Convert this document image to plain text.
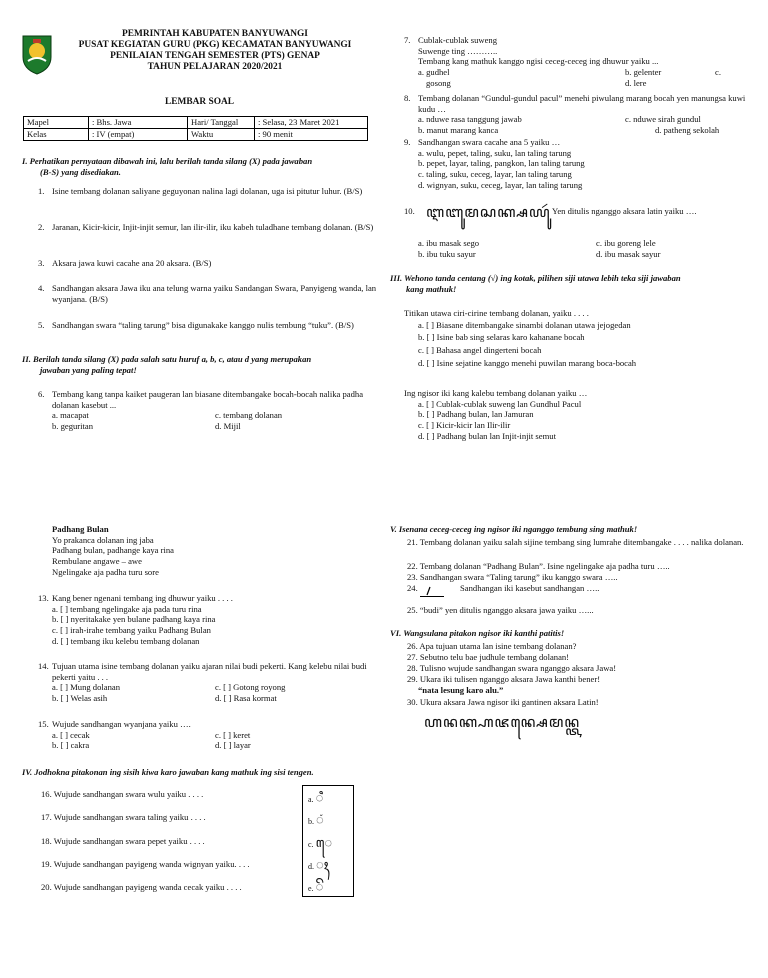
PEMRINTAH KABUPATEN BANYUWANGI
PUSAT KEGIATAN GURU (PKG) KECAMATAN BANYUWANGI
PENILAIAN TENGAH SEMESTER (PTS) GENAP
TAHUN PELAJARAN 2020/2021
LEMBAR SOAL
Mapel	: Bhs. Jawa	Hari/ Tanggal	: Selasa, 23 Maret 2021
Kelas	: IV (empat)	Waktu	: 90 menit
I. Perhatikan pernyataan dibawah ini, lalu berilah tanda silang (X) pada jawaban
(B-S) yang disediakan.
1. Isine tembang dolanan saliyane geguyonan nalina lagi dolanan, uga isi pitutur luhur. (B/S)
2. Jaranan, Kicir-kicir, Injit-injit semur, lan ilir-ilir, iku kabeh tuladhane tembang dolanan. (B/S)
3. Aksara jawa kuwi cacahe ana 20 aksara. (B/S)
4. Sandhangan aksara Jawa iku ana telung warna yaiku Sandangan Swara, Panyigeng wanda, lan wyanjana. (B/S)
5. Sandhangan swara “taling tarung” bisa digunakake kanggo nulis tembung “tuku”. (B/S)
II. Berilah tanda silang (X) pada salah satu huruf a, b, c, atau d yang merupakan
jawaban yang paling tepat!
6. Tembang kang tanpa kaiket paugeran lan biasane ditembangake bocah-bocah nalika padha dolanan kasebut ...
a. macapat	c. tembang dolanan
b. geguritan	d. Mijil
7. Cublak-cublak suweng
Suwenge ting ………..
Tembang kang mathuk kanggo ngisi ceceg-ceceg ing dhuwur yaiku ...
a. gudhel	b. gelenter	c.
gosong	d. lere
8. Tembang dolanan “Gundul-gundul pacul” menehi piwulang marang bocah yen manungsa kuwi kudu …
a. nduwe rasa tanggung jawab	c. nduwe sirah gundul
b. manut marang kanca	d. patheng sekolah
9. Sandhangan swara cacahe ana 5 yaiku …
a. wulu, pepet, taling, suku, lan taling tarung
b. pepet, layar, taling, pangkon, lan taling tarung
c. taling, suku, ceceg, layar, lan taling tarung
d. wignyan, suku, ceceg, layar, lan taling tarung
10. ꦆꦧꦸꦩꦱꦏ꧀ꦱꦪꦸꦂ Yen ditulis nganggo aksara latin yaiku ….
a. ibu masak sego	c. ibu goreng lele
b. ibu tuku sayur	d. ibu masak sayur
III. Wehono tanda centang (√) ing kotak, pilihen siji utawa lebih teka siji jawaban
kang mathuk!
Titikan utawa ciri-cirine tembang dolanan, yaiku . . . .
a. [ ] Biasane ditembangake sinambi dolanan utawa jejogedan
b. [ ] Isine bab sing selaras karo kahanane bocah
c. [ ] Bahasa angel dingerteni bocah
d. [ ] Isine sejatine kanggo menehi puwilan marang boca-bocah
Ing ngisor iki kang kalebu tembang dolanan yaiku …
a. [ ] Cublak-cublak suweng lan Gundhul Pacul
b. [ ] Padhang bulan, lan Jamuran
c. [ ] Kicir-kicir lan Ilir-ilir
d. [ ] Padhang bulan lan Injit-injit semut
Padhang Bulan
Yo prakanca dolanan ing jaba
Padhang bulan, padhange kaya rina
Rembulane angawe – awe
Ngelingake aja padha turu sore
13. Kang bener ngenani tembang ing dhuwur yaiku . . . .
a. [ ] tembang ngelingake aja pada turu rina
b. [ ] nyeritakake yen bulane padhang kaya rina
c. [ ] irah-irahe tembang yaiku Padhang Bulan
d. [ ] tembang iku kelebu tembang dolanan
14. Tujuan utama isine tembang dolanan yaiku ajaran nilai budi pekerti. Kang kelebu nilai budi pekerti yaitu . . .
a. [ ] Mung dolanan	c. [ ] Gotong royong
b. [ ] Welas asih	d. [ ] Rasa kormat
15. Wujude sandhangan wyanjana yaiku ….
a. [ ] cecak	c. [ ] keret
b. [ ] cakra	d. [ ] layar
IV. Jodhokna pitakonan ing sisih kiwa karo jawaban kang mathuk ing sisi tengen.
16. Wujude sandhangan swara wulu yaiku . . . .
17. Wujude sandhangan swara taling yaiku . . . .
18. Wujude sandhangan swara pepet yaiku . . . .
19. Wujude sandhangan payigeng wanda wignyan yaiku. . . .
20. Wujude sandhangan payigeng wanda cecak yaiku . . . .
a. ꦶ
b. ꦁ
c. ꦺ
d. ꦃ
e. ꦼ
V. Isenana ceceg-ceceg ing ngisor iki nganggo tembung sing mathuk!
21. Tembang dolanan yaiku salah sijine tembang sing lumrahe ditembangake . . . . nalika dolanan.
22. Tembang dolanan “Padhang Bulan”. Isine ngelingake aja padha turu …..
23. Sandhangan swara “Taling tarung” iku kanggo swara …..
24.	Sandhangan iki kasebut sandhangan …..
25. “budi” yen ditulis nganggo aksara jawa yaiku …...
VI. Wangsulana pitakon ngisor iki kanthi patitis!
26. Apa tujuan utama lan isine tembang dolanan?
27. Sebutno telu bae judhule tembang dolanan!
28. Tulisno wujude sandhangan swara nganggo aksara Jawa!
29. Ukara iki tulisen nganggo aksara Jawa kanthi bener!
“nata lesung karo alu.”
30. Ukura aksara Jawa ngisor iki gantinen aksara Latin!
ꦲꦤꦏ꧀ꦲꦗꦤ꧀ꦱꦺꦩꦤ꧀ꦠ
